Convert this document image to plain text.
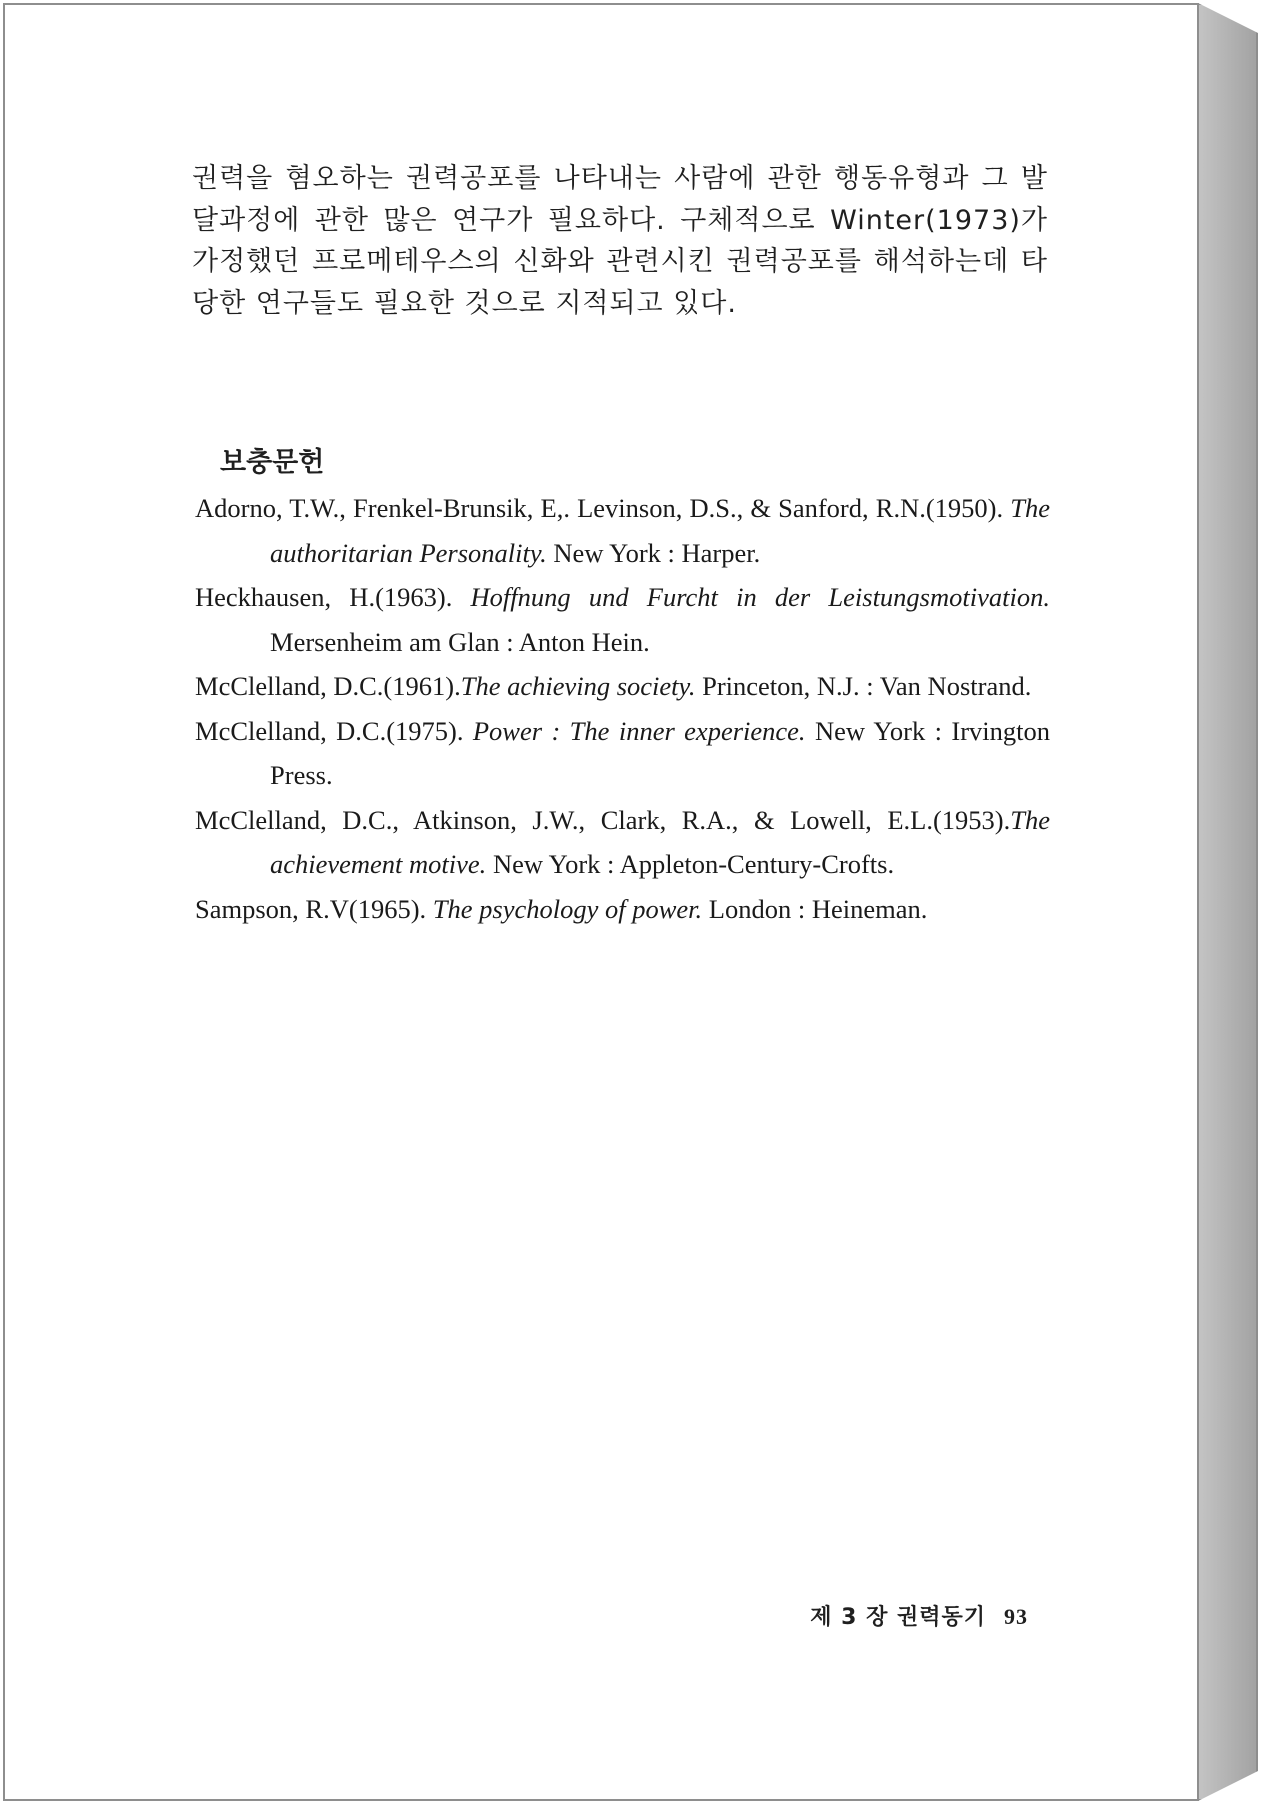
권력을 혐오하는 권력공포를 나타내는 사람에 관한 행동유형과 그 발달과정에 관한 많은 연구가 필요하다. 구체적으로 Winter(1973)가 가정했던 프로메테우스의 신화와 관련시킨 권력공포를 해석하는데 타당한 연구들도 필요한 것으로 지적되고 있다.

보충문헌

Adorno, T.W., Frenkel-Brunsik, E,. Levinson, D.S., & Sanford, R.N.(1950). The authoritarian Personality. New York : Harper.

Heckhausen, H.(1963). Hoffnung und Furcht in der Leistungsmotivation. Mersenheim am Glan : Anton Hein.

McClelland, D.C.(1961).The achieving society. Princeton, N.J. : Van Nostrand.

McClelland, D.C.(1975). Power : The inner experience. New York : Irvington Press.

McClelland, D.C., Atkinson, J.W., Clark, R.A., & Lowell, E.L.(1953).The achievement motive. New York : Appleton-Century-Crofts.

Sampson, R.V(1965). The psychology of power. London : Heineman.

제 3 장 권력동기 93
